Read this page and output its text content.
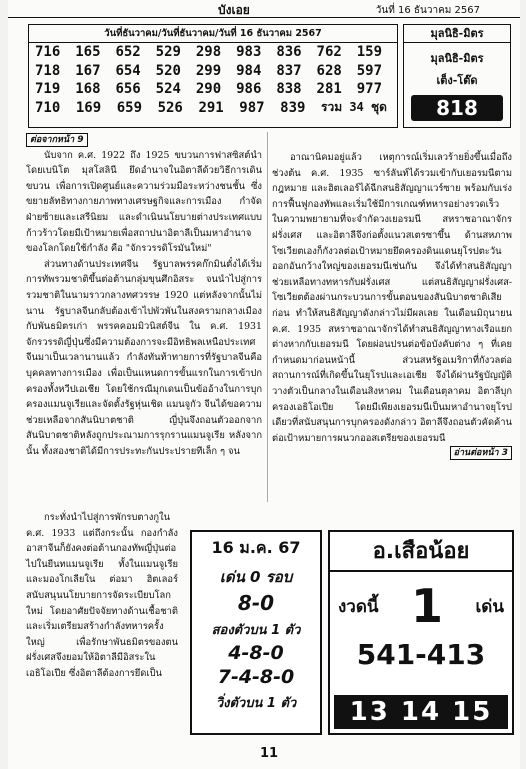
บังเอย	วันที่ 16 ธันวาคม 2567
วันที่ธันวาคม/วันที่ธันวาคม/วันที่ 16 ธันวาคม 2567
716	165	652	529	298	983	836	762	159
718	167	654	520	299	984	837	628	597
719	168	656	524	290	986	838	281	977
710	169	659	526	291	987	839	รวม 34 ชุด
มุลนิธิ-มิตร
มุลนิธิ-มิตร
เต็ง-โต๊ด
818
ต่อจากหน้า 9

นับจาก ค.ศ. 1922 ถึง 1925 ขบวนการฟาสซิสต์นำโดยเบนิโต มุสโสลินี ยึดอำนาจในอิตาลีด้วยวิธีการเดินขบวน เพื่อการเปิดศูนย์และความร่วมมือระหว่างชนชั้น ซึ่งขยายลัทธิทางกายภาพทางเศรษฐกิจและการเมือง กำจัดฝ่ายซ้ายและเสรีนิยม และดำเนินนโยบายต่างประเทศแบบก้าวร้าวโดยมีเป้าหมายเพื่อสถาปนาอิตาลีเป็นมหาอำนาจของโลกโดยใช้กำลัง คือ "จักรวรรดิโรมันใหม่"

ส่วนทางด้านประเทศจีน รัฐบาลพรรคก๊กมินตั๋งได้เริ่มการทัพรวมชาติขึ้นต่อต้านกลุ่มขุนศึกอิสระ จนนำไปสู่การรวมชาติในนามราวกลางทศวรรษ 1920 แต่หลังจากนั้นไม่นาน รัฐบาลจีนกลับต้องเข้าไปพัวพันในสงครามกลางเมืองกับพันธมิตรเก่า พรรคคอมมิวนิสต์จีน ใน ค.ศ. 1931 จักรวรรดิญี่ปุ่นซึ่งมีความต้องการจะมีอิทธิพลเหนือประเทศจีนมาเป็นเวลานานแล้ว กำลังทันท้าทายการที่รัฐบาลจีนคือบุคคลทางการเมือง เพื่อเป็นแหนดการขั้นแรกในการเข้าปกครองทั้งหวีปเอเชีย โดยใช้กรณีมุกเดนเป็นข้ออ้างในการบุกครองแมนจูเรียและจัดตั้งรัฐหุ่นเชิด แมนจูกัว จีนได้ขอความช่วยเหลือจากสันนิบาตชาติ ญี่ปุ่นจึงถอนตัวออกจากสันนิบาตชาติหลังถูกประณามการรุกรานแมนจูเรีย หลังจากนั้น ทั้งสองชาติได้มีการประทะกันประปรายทีเล็ก ๆ จน

อาณานิคมอยู่แล้ว เหตุการณ์เริ่มเลวร้ายยิ่งขึ้นเมื่อถึงช่วงต้น ค.ศ. 1935 ซาร์ลันท์ได้รวมเข้ากับเยอรมนีตามกฎหมาย และฮิตเลอร์ได้ฉีกสนธิสัญญาแวร์ซาย พร้อมกับเร่งการฟื้นฟูกองทัพและเริ่มใช้มีการเกณฑ์ทหารอย่างรวดเร็ว ในความพยายามที่จะจำกัดวงเยอรมนี สหราชอาณาจักร ฝรั่งเศส และอิตาลีจึงก่อตั้งแนวสเตรซาขึ้น ด้านสหภาพโซเวียตเองก็กังวลต่อเป้าหมายยึดครองดินแดนยุโรปตะวันออกอันกว้างใหญ่ของเยอรมนีเช่นกัน จึงได้ทำสนธิสัญญาช่วยเหลือทางทหารกับฝรั่งเศส แต่สนธิสัญญาฝรั่งเศส-โซเวียตต้องผ่านกระบวนการขั้นตอนของสันนิบาตชาติเสียก่อน ทำให้สนธิสัญญาดังกล่าวไม่มีผลเลย ในเดือนมิถุนายน ค.ศ. 1935 สหราชอาณาจักรได้ทำสนธิสัญญาทางเรือแยกต่างหากกับเยอรมนี โดยผ่อนปรนต่อข้อบังคับต่าง ๆ ที่เคยกำหนดมาก่อนหน้านี้ ส่วนสหรัฐอเมริกาที่กังวลต่อสถานการณ์ที่เกิดขึ้นในยุโรปและเอเชีย จึงได้ผ่านรัฐบัญญัติวางตัวเป็นกลางในเดือนสิงหาคม ในเดือนตุลาคม อิตาลีบุกครองเอธิโอเปีย โดยมีเพียงเยอรมนีเป็นมหาอำนาจยุโรปเดียวที่สนับสนุนการบุกครองดังกล่าว อิตาลีจึงถอนตัวคัดค้านต่อเป้าหมายการผนวกออสเตรียของเยอรมนี

อ่านต่อหน้า 3

กระทั่งนำไปสู่การพักรบตางกูใน ค.ศ. 1933 แต่ถึงกระนั้น กองกำลังอาสาจีนก็ยังคงต่อต้านกองทัพญี่ปุ่นต่อไปในยีนทแมนจูเรีย ทั้งในแมนจูเรียและมองโกเลียใน ต่อมา ฮิตเลอร์สนับสนุนนโยบายการจัดระเบียบโลกใหม่ โดยอาศัยปัจจัยทางด้านเชื้อชาติและเริ่มเตรียมสร้างกำลังทหารครั้งใหญ่ เพื่อรักษาพันธมิตรของตนฝรั่งเศสจึงยอมให้อิตาลีมีอิสระในเอธิโอเปีย ซึ่งอิตาลีต้องการยึดเป็น

16 ม.ค. 67
เด่น 0 รอบ
8-0
สองตัวบน 1 ตัว
4-8-0
7-4-8-0
วิ่งตัวบน 1 ตัว
อ.เสือน้อย
งวดนี้ 1 เด่น
541-413
13 14 15
11
